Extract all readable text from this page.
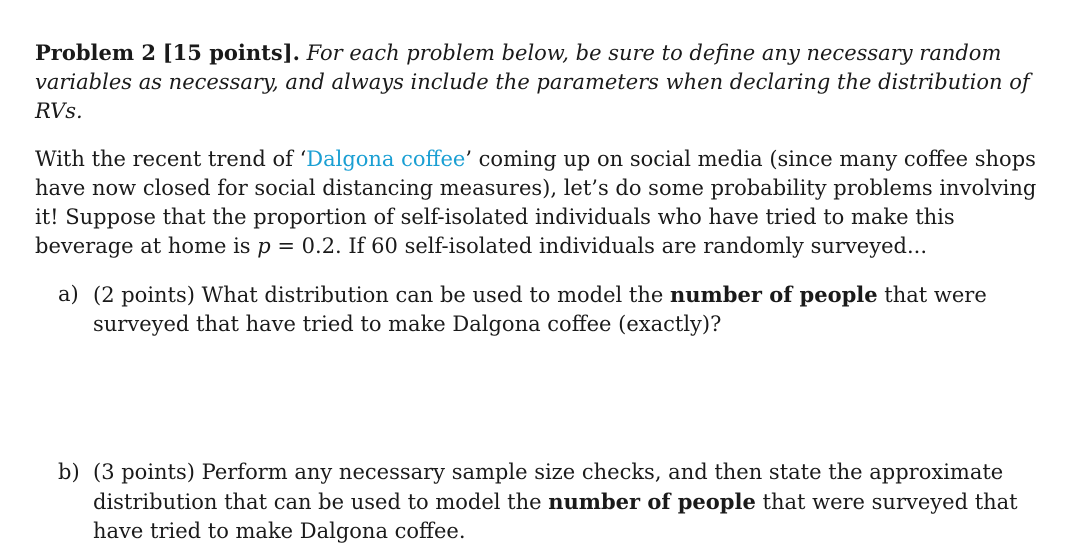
Problem 2 [15 points]. For each problem below, be sure to define any necessary random variables as necessary, and always include the parameters when declaring the distribution of RVs.

With the recent trend of ‘Dalgona coffee’ coming up on social media (since many coffee shops have now closed for social distancing measures), let’s do some probability problems involving it! Suppose that the proportion of self-isolated individuals who have tried to make this beverage at home is p = 0.2. If 60 self-isolated individuals are randomly surveyed...

a) (2 points) What distribution can be used to model the number of people that were surveyed that have tried to make Dalgona coffee (exactly)?
b) (3 points) Perform any necessary sample size checks, and then state the approximate distribution that can be used to model the number of people that were surveyed that have tried to make Dalgona coffee.
